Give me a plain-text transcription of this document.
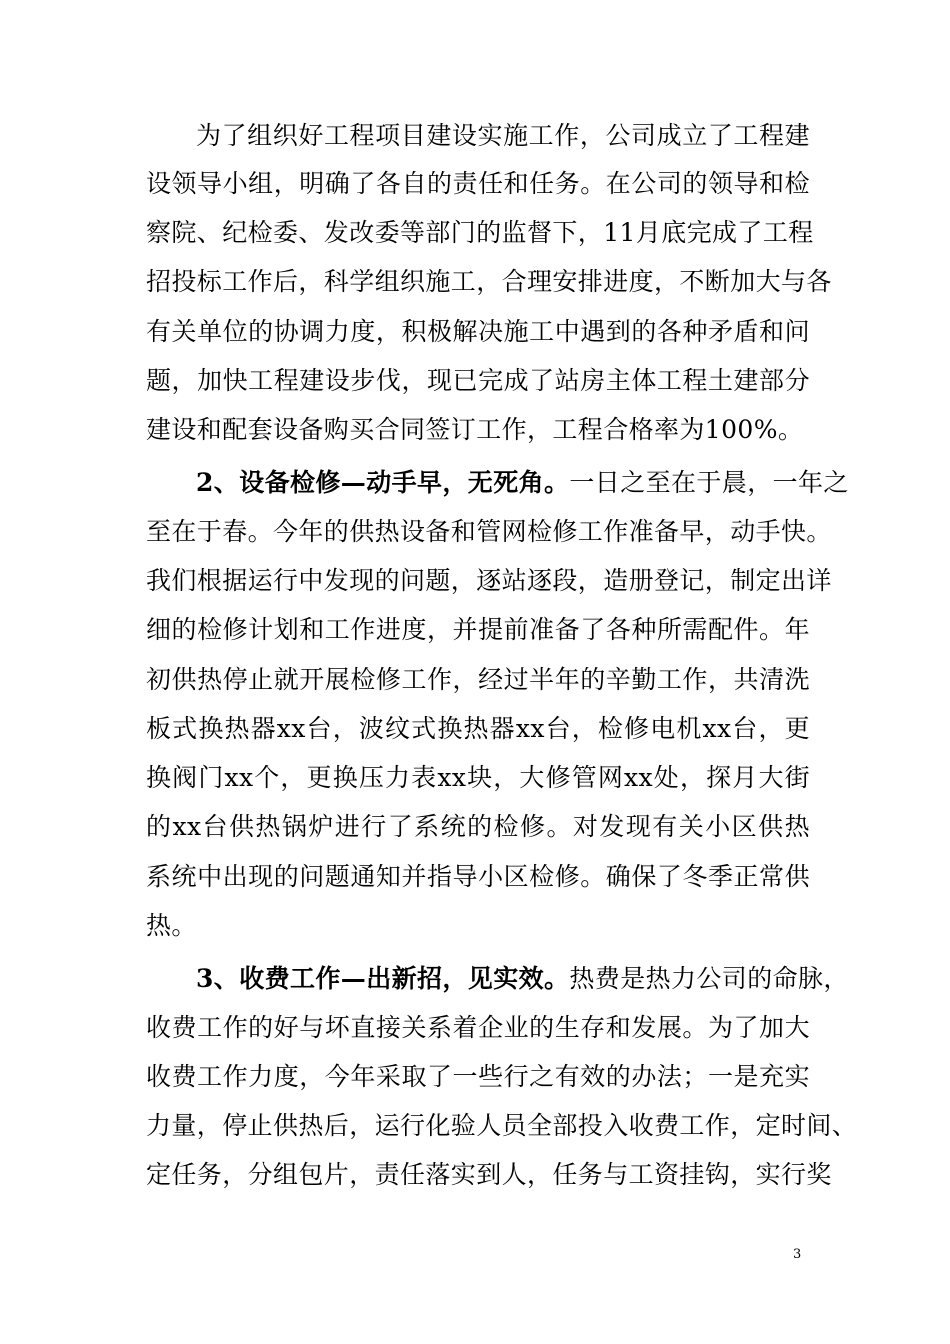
为了组织好工程项目建设实施工作，公司成立了工程建
设领导小组，明确了各自的责任和任务。在公司的领导和检
察院、纪检委、发改委等部门的监督下，11月底完成了工程
招投标工作后，科学组织施工，合理安排进度，不断加大与各
有关单位的协调力度，积极解决施工中遇到的各种矛盾和问
题，加快工程建设步伐，现已完成了站房主体工程土建部分
建设和配套设备购买合同签订工作，工程合格率为100%。
2、设备检修—动手早，无死角。一日之至在于晨，一年之
至在于春。今年的供热设备和管网检修工作准备早，动手快。
我们根据运行中发现的问题，逐站逐段，造册登记，制定出详
细的检修计划和工作进度，并提前准备了各种所需配件。年
初供热停止就开展检修工作，经过半年的辛勤工作，共清洗
板式换热器xx台，波纹式换热器xx台，检修电机xx台，更
换阀门xx个，更换压力表xx块，大修管网xx处，探月大街
的xx台供热锅炉进行了系统的检修。对发现有关小区供热
系统中出现的问题通知并指导小区检修。确保了冬季正常供
热。
3、收费工作—出新招，见实效。热费是热力公司的命脉，
收费工作的好与坏直接关系着企业的生存和发展。为了加大
收费工作力度，今年采取了一些行之有效的办法；一是充实
力量，停止供热后，运行化验人员全部投入收费工作，定时间、
定任务，分组包片，责任落实到人，任务与工资挂钩，实行奖
3
